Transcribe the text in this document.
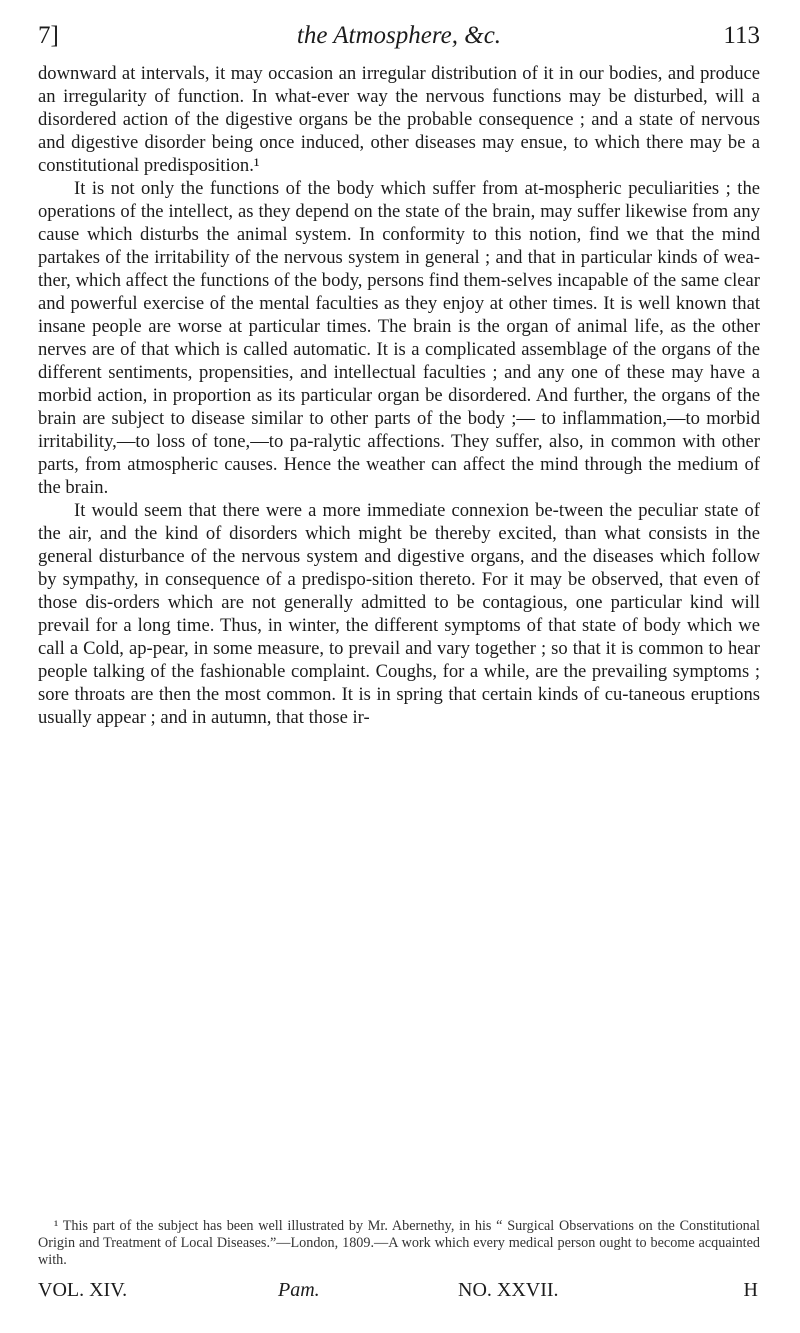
7]	the Atmosphere, &c.	113

downward at intervals, it may occasion an irregular distribution of it in our bodies, and produce an irregularity of function. In what-ever way the nervous functions may be disturbed, will a disordered action of the digestive organs be the probable consequence ; and a state of nervous and digestive disorder being once induced, other diseases may ensue, to which there may be a constitutional predisposition.¹

It is not only the functions of the body which suffer from at-mospheric peculiarities ; the operations of the intellect, as they depend on the state of the brain, may suffer likewise from any cause which disturbs the animal system. In conformity to this notion, find we that the mind partakes of the irritability of the nervous system in general ; and that in particular kinds of wea-ther, which affect the functions of the body, persons find them-selves incapable of the same clear and powerful exercise of the mental faculties as they enjoy at other times. It is well known that insane people are worse at particular times. The brain is the organ of animal life, as the other nerves are of that which is called automatic. It is a complicated assemblage of the organs of the different sentiments, propensities, and intellectual faculties ; and any one of these may have a morbid action, in proportion as its particular organ be disordered. And further, the organs of the brain are subject to disease similar to other parts of the body ;— to inflammation,—to morbid irritability,—to loss of tone,—to pa-ralytic affections. They suffer, also, in common with other parts, from atmospheric causes. Hence the weather can affect the mind through the medium of the brain.

It would seem that there were a more immediate connexion be-tween the peculiar state of the air, and the kind of disorders which might be thereby excited, than what consists in the general disturbance of the nervous system and digestive organs, and the diseases which follow by sympathy, in consequence of a predispo-sition thereto. For it may be observed, that even of those dis-orders which are not generally admitted to be contagious, one particular kind will prevail for a long time. Thus, in winter, the different symptoms of that state of body which we call a Cold, ap-pear, in some measure, to prevail and vary together ; so that it is common to hear people talking of the fashionable complaint. Coughs, for a while, are the prevailing symptoms ; sore throats are then the most common. It is in spring that certain kinds of cu-taneous eruptions usually appear ; and in autumn, that those ir-

¹ This part of the subject has been well illustrated by Mr. Abernethy, in his “ Surgical Observations on the Constitutional Origin and Treatment of Local Diseases.”—London, 1809.—A work which every medical person ought to become acquainted with.

VOL. XIV.	Pam.	NO. XXVII.	H
